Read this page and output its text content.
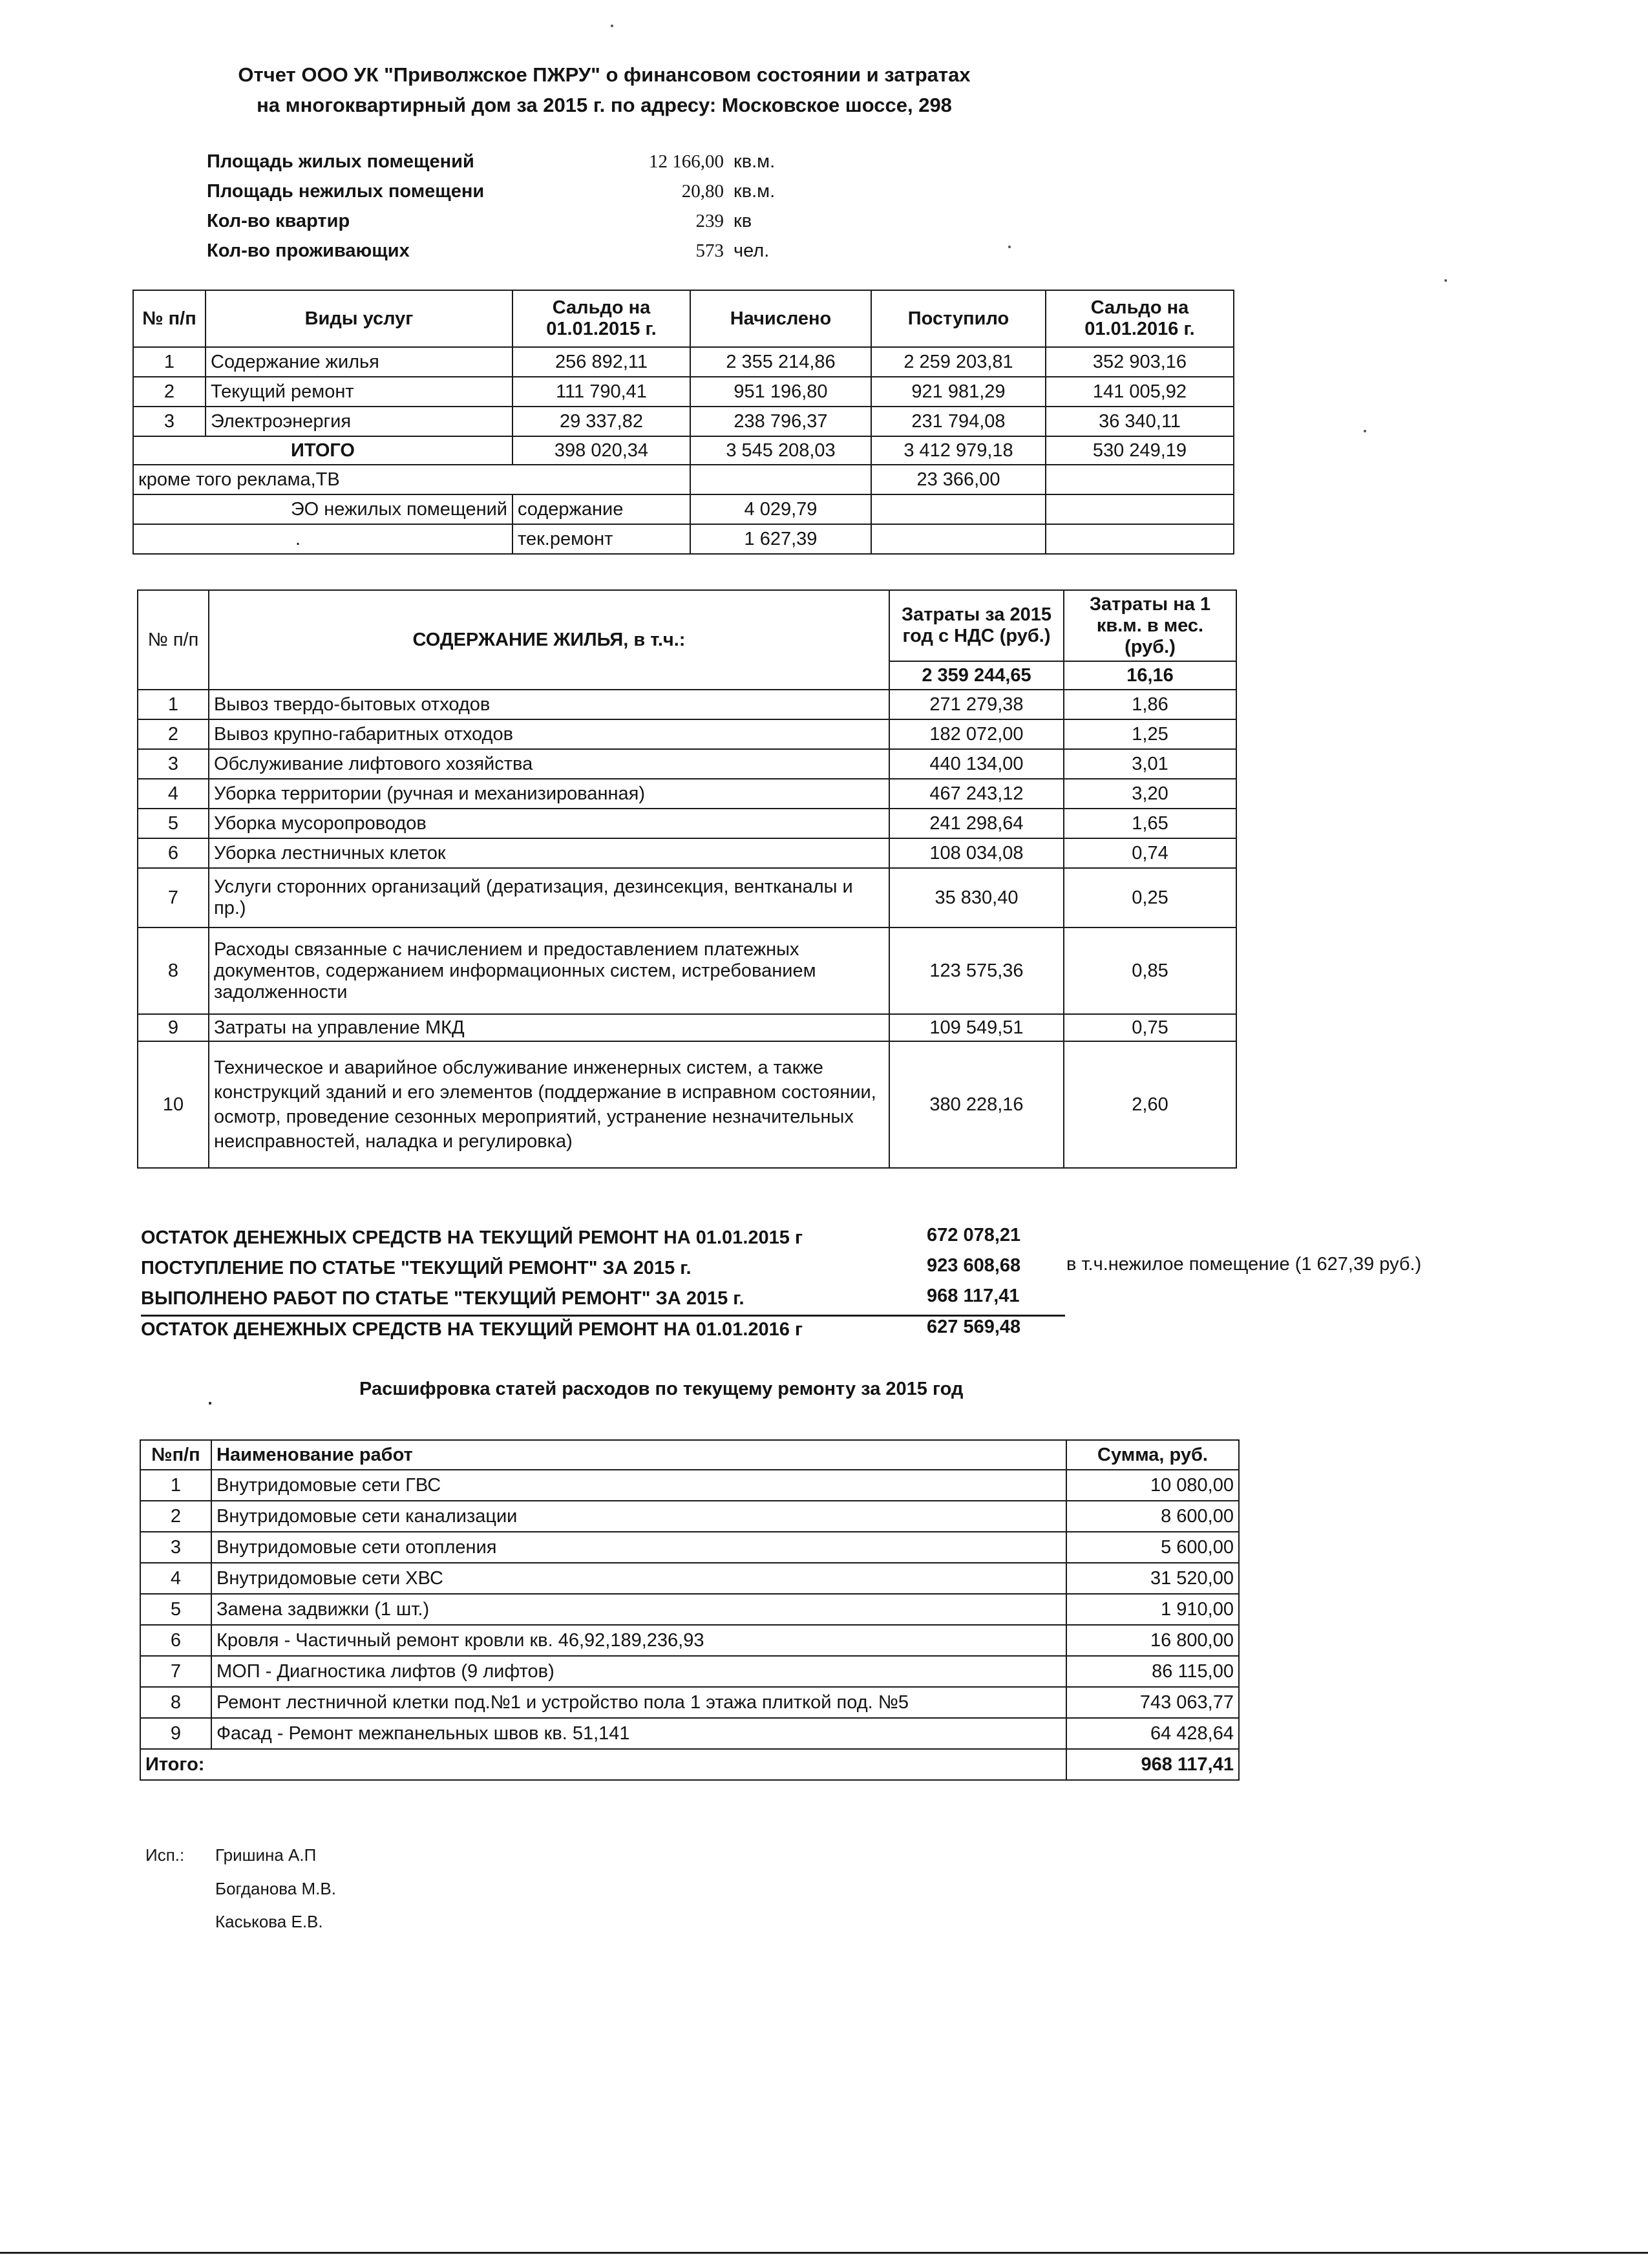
Отчет ООО УК "Приволжское ПЖРУ" о финансовом состоянии и затратах
на многоквартирный дом за 2015 г. по адресу: Московское шоссе, 298
Площадь жилых помещений	12 166,00 кв.м.
Площадь нежилых помещени	20,80 кв.м.
Кол-во квартир	239 кв
Кол-во проживающих	573 чел.
№ п/п	Виды услуг	Сальдо на 01.01.2015 г.	Начислено	Поступило	Сальдо на 01.01.2016 г.
1	Содержание жилья	256 892,11	2 355 214,86	2 259 203,81	352 903,16
2	Текущий ремонт	111 790,41	951 196,80	921 981,29	141 005,92
3	Электроэнергия	29 337,82	238 796,37	231 794,08	36 340,11
ИТОГО		398 020,34	3 545 208,03	3 412 979,18	530 249,19
кроме того реклама,ТВ				23 366,00	
ЭО нежилых помещений		содержание	4 029,79		
.		тек.ремонт	1 627,39		
№ п/п	СОДЕРЖАНИЕ ЖИЛЬЯ, в т.ч.:	Затраты за 2015 год с НДС (руб.)	Затраты на 1 кв.м. в мес. (руб.)
		2 359 244,65	16,16
1	Вывоз твердо-бытовых отходов	271 279,38	1,86
2	Вывоз крупно-габаритных отходов	182 072,00	1,25
3	Обслуживание лифтового хозяйства	440 134,00	3,01
4	Уборка территории (ручная и механизированная)	467 243,12	3,20
5	Уборка мусоропроводов	241 298,64	1,65
6	Уборка лестничных клеток	108 034,08	0,74
7	Услуги сторонних организаций (дератизация, дезинсекция, вентканалы и пр.)	35 830,40	0,25
8	Расходы связанные с начислением и предоставлением платежных документов, содержанием информационных систем, истребованием задолженности	123 575,36	0,85
9	Затраты на управление МКД	109 549,51	0,75
10	Техническое и аварийное обслуживание инженерных систем, а также конструкций зданий и его элементов (поддержание в исправном состоянии, осмотр, проведение сезонных мероприятий, устранение незначительных неисправностей, наладка и регулировка)	380 228,16	2,60
ОСТАТОК ДЕНЕЖНЫХ СРЕДСТВ НА ТЕКУЩИЙ РЕМОНТ НА 01.01.2015 г	672 078,21
ПОСТУПЛЕНИЕ ПО СТАТЬЕ "ТЕКУЩИЙ РЕМОНТ" ЗА 2015 г.	923 608,68
ВЫПОЛНЕНО РАБОТ ПО СТАТЬЕ "ТЕКУЩИЙ РЕМОНТ" ЗА 2015 г.	968 117,41
ОСТАТОК ДЕНЕЖНЫХ СРЕДСТВ НА ТЕКУЩИЙ РЕМОНТ НА 01.01.2016 г	627 569,48
в т.ч.нежилое помещение (1 627,39 руб.)
.	Расшифровка статей расходов по текущему ремонту за 2015 год
№п/п	Наименование работ	Сумма, руб.
1	Внутридомовые сети ГВС	10 080,00
2	Внутридомовые сети канализации	8 600,00
3	Внутридомовые сети отопления	5 600,00
4	Внутридомовые сети ХВС	31 520,00
5	Замена задвижки (1 шт.)	1 910,00
6	Кровля - Частичный ремонт кровли кв. 46,92,189,236,93	16 800,00
7	МОП - Диагностика лифтов (9 лифтов)	86 115,00
8	Ремонт лестничной клетки под.№1 и устройство пола 1 этажа плиткой под. №5	743 063,77
9	Фасад - Ремонт межпанельных швов кв. 51,141	64 428,64
Итого:		968 117,41
Исп.: Гришина А.П
Богданова М.В.
Каськова Е.В.
